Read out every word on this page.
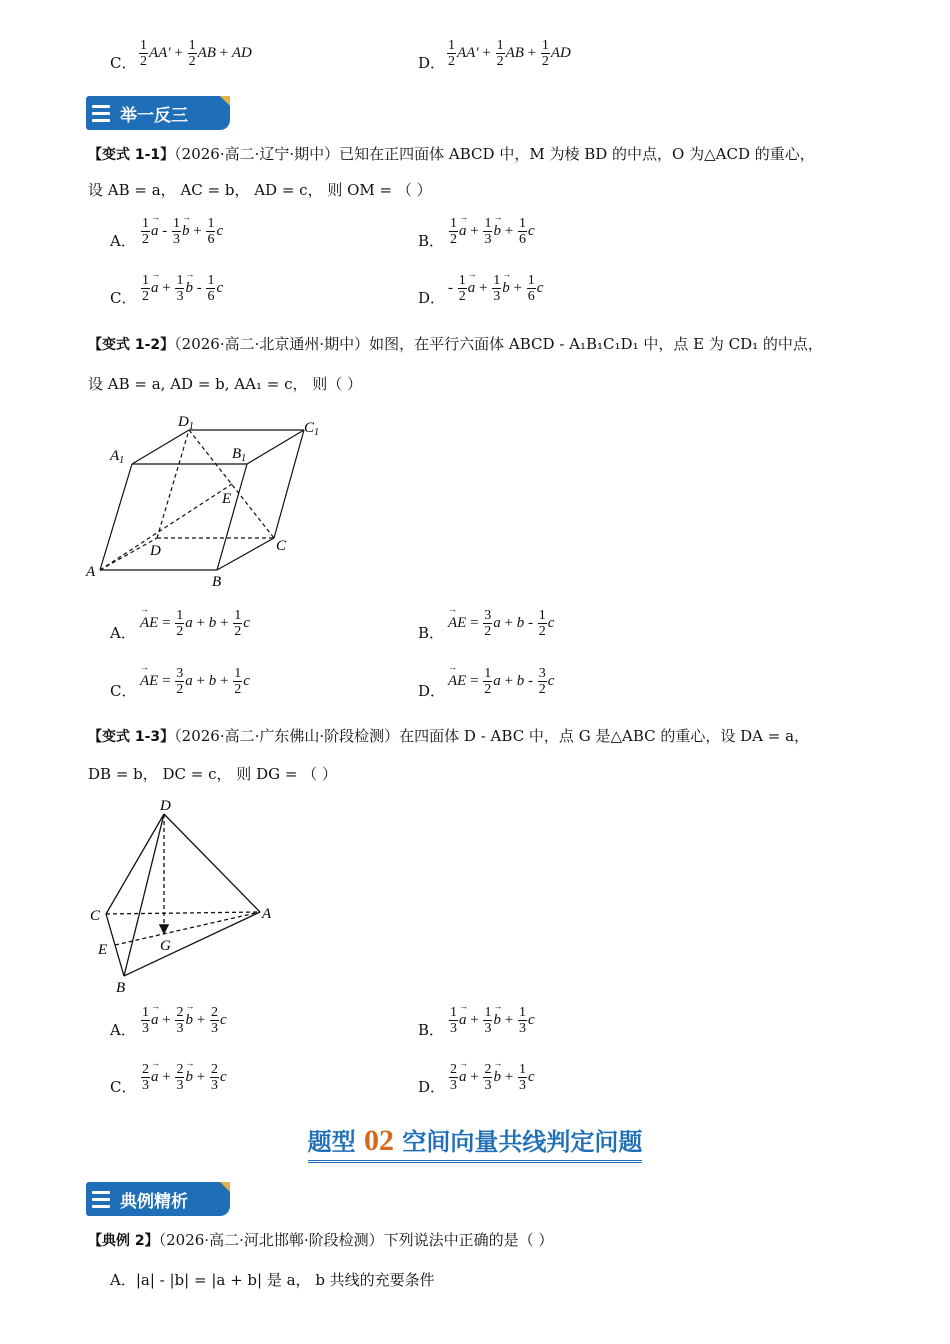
C． $\frac{1}{2} AA' + \frac{1}{2}$ AB + AD
D． $\frac{1}{2} AA' + \frac{1}{2}$ AB + $\frac{1}{2}$ AD
举一反三
【变式 1-1】（2026·高二·辽宁·期中）已知在正四面体 ABCD 中，M 为棱 BD 的中点，O 为△ACD 的重心，
设 AB = a， AC = b， AD = c， 则 OM = （ ）
A． $\frac{1}{2}$
→ a - $\frac{1}{3}$
→ $b + \frac{1}{6}$ c
B． $\frac{1}{2}$
→ $a + \frac{1}{3}$
→ $b + \frac{1}{6}$ c
C． $\frac{1}{2}$
→ $a + \frac{1}{3}$
→ b - $\frac{1}{6}$ c
D．
- $\frac{1}{2}$
→ $a + \frac{1}{3}$
→ $b + \frac{1}{6}$ c
【变式 1-2】（2026·高二·北京通州·期中）如图，在平行六面体 ABCD - A₁B₁C₁D₁ 中，点 E 为 CD₁ 的中点，
设 AB = a, AD = b, AA₁ = c， 则（ ）
A
B
C
D
$A_1$	$B_1$
$C_1$
$D_1$
E
A．
→ AE = $\frac{1}{2}$ $a + b + \frac{1}{2}$ c
B．
→ AE = $\frac{3}{2}$ $a + b - \frac{1}{2}$ c
C．
→ AE = $\frac{3}{2}$ $a + b + \frac{1}{2}$ c
D．
→ AE = $\frac{1}{2}$ $a + b - \frac{3}{2}$ c
【变式 1-3】（2026·高二·广东佛山·阶段检测）在四面体 D - ABC 中，点 G 是△ABC 的重心，设 DA = a，
DB = b， DC = c， 则 DG = （ ）
D
A
C
B
E	G
A． $\frac{1}{3}$
→ $a + \frac{2}{3}$
→ $b + \frac{2}{3}$ c
B． $\frac{1}{3}$
→ $a + \frac{1}{3}$
→ $b + \frac{1}{3}$ c
C． $\frac{2}{3}$
→ $a + \frac{2}{3}$
→ $b + \frac{2}{3}$ c
D． $\frac{2}{3}$
→ $a + \frac{2}{3}$
→ $b + \frac{1}{3}$ c
题型 02 空间向量共线判定问题
典例精析
【典例 2】（2026·高二·河北邯郸·阶段检测）下列说法中正确的是（ ）
A．|a| - |b| = |a + b| 是 a， b 共线的充要条件
